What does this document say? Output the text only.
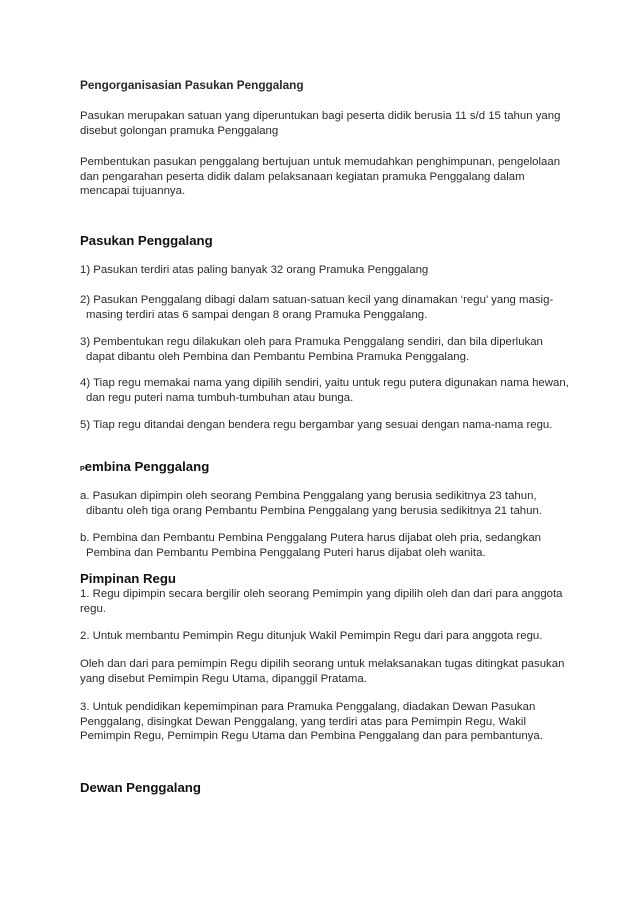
Pengorganisasian Pasukan Penggalang
Pasukan merupakan satuan yang diperuntukan bagi peserta didik berusia 11 s/d 15 tahun yang disebut golongan pramuka Penggalang
Pembentukan pasukan penggalang bertujuan untuk memudahkan penghimpunan, pengelolaan dan pengarahan peserta didik dalam pelaksanaan kegiatan pramuka Penggalang dalam mencapai tujuannya.
Pasukan Penggalang
1) Pasukan terdiri atas paling banyak 32 orang Pramuka Penggalang
2) Pasukan Penggalang dibagi dalam satuan-satuan kecil yang dinamakan ‘regu’ yang masig-masing terdiri atas 6 sampai dengan 8 orang Pramuka Penggalang.
3) Pembentukan regu dilakukan oleh para Pramuka Penggalang sendiri, dan bila diperlukan dapat dibantu oleh Pembina dan Pembantu Pembina Pramuka Penggalang.
4) Tiap regu memakai nama yang dipilih sendiri, yaitu untuk regu putera digunakan nama hewan, dan regu puteri nama tumbuh-tumbuhan atau bunga.
5) Tiap regu ditandai dengan bendera regu bergambar yang sesuai dengan nama-nama regu.
Pembina Penggalang
a. Pasukan dipimpin oleh seorang Pembina Penggalang yang berusia sedikitnya 23 tahun, dibantu oleh tiga orang Pembantu Pembina Penggalang yang berusia sedikitnya 21 tahun.
b. Pembina dan Pembantu Pembina Penggalang Putera harus dijabat oleh pria, sedangkan Pembina dan Pembantu Pembina Penggalang Puteri harus dijabat oleh wanita.
Pimpinan Regu
1. Regu dipimpin secara bergilir oleh seorang Pemimpin yang dipilih oleh dan dari para anggota regu.
2. Untuk membantu Pemimpin Regu ditunjuk Wakil Pemimpin Regu dari para anggota regu.
Oleh dan dari para pemimpin Regu dipilih seorang untuk melaksanakan tugas ditingkat pasukan yang disebut Pemimpin Regu Utama, dipanggil Pratama.
3. Untuk pendidikan kepemimpinan para Pramuka Penggalang, diadakan Dewan Pasukan Penggalang, disingkat Dewan Penggalang, yang terdiri atas para Pemimpin Regu, Wakil Pemimpin Regu, Pemimpin Regu Utama dan Pembina Penggalang dan para pembantunya.
Dewan Penggalang
